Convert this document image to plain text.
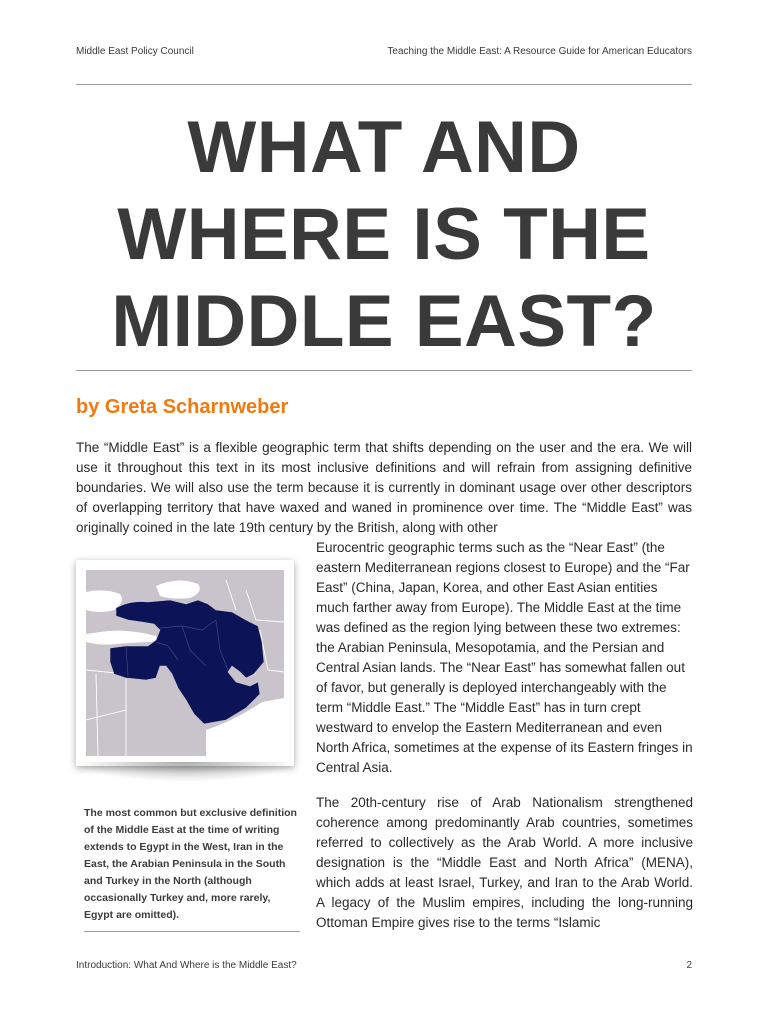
Middle East Policy Council	Teaching the Middle East: A Resource Guide for American Educators
WHAT AND
WHERE IS THE
MIDDLE EAST?

by Greta Scharnweber

The “Middle East” is a flexible geographic term that shifts depending on the user and the era. We will use it throughout this text in its most inclusive definitions and will refrain from assigning definitive boundaries. We will also use the term because it is currently in dominant usage over other descriptors of overlapping territory that have waxed and waned in prominence over time. The “Middle East” was originally coined in the late 19th century by the British, along with other

Eurocentric geographic terms such as the “Near East” (the eastern Mediterranean regions closest to Europe) and the “Far East” (China, Japan, Korea, and other East Asian entities much farther away from Europe). The Middle East at the time was defined as the region lying between these two extremes: the Arabian Peninsula, Mesopotamia, and the Persian and Central Asian lands. The “Near East” has somewhat fallen out of favor, but generally is deployed interchangeably with the term “Middle East.” The “Middle East” has in turn crept westward to envelop the Eastern Mediterranean and even North Africa, sometimes at the expense of its Eastern fringes in Central Asia.

The most common but exclusive definition of the Middle East at the time of writing extends to Egypt in the West, Iran in the East, the Arabian Peninsula in the South and Turkey in the North (although occasionally Turkey and, more rarely, Egypt are omitted).

The 20th-century rise of Arab Nationalism strengthened coherence among predominantly Arab countries, sometimes referred to collectively as the Arab World. A more inclusive designation is the “Middle East and North Africa” (MENA), which adds at least Israel, Turkey, and Iran to the Arab World. A legacy of the Muslim empires, including the long-running Ottoman Empire gives rise to the terms “Islamic

Introduction: What And Where is the Middle East?	2
